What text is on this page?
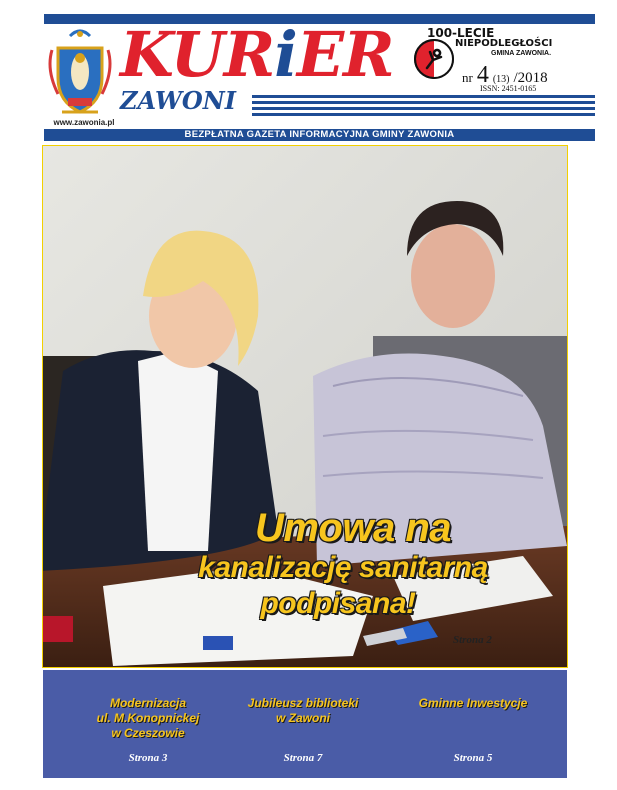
www.zawonia.pl
KURiER
ZAWONI
100-LECIE
NIEPODLEGŁOŚCI
GMINA ZAWONIA.
nr 4 (13) /2018
ISSN: 2451-0165
BEZPŁATNA GAZETA INFORMACYJNA GMINY ZAWONIA
Umowa na
kanalizację sanitarną
podpisana!
Strona 2
Modernizacja
ul. M.Konopnickej
w Czeszowie
Strona 3
Jubileusz biblioteki
w Zawoni
Strona 7
Gminne Inwestycje
Strona 5
